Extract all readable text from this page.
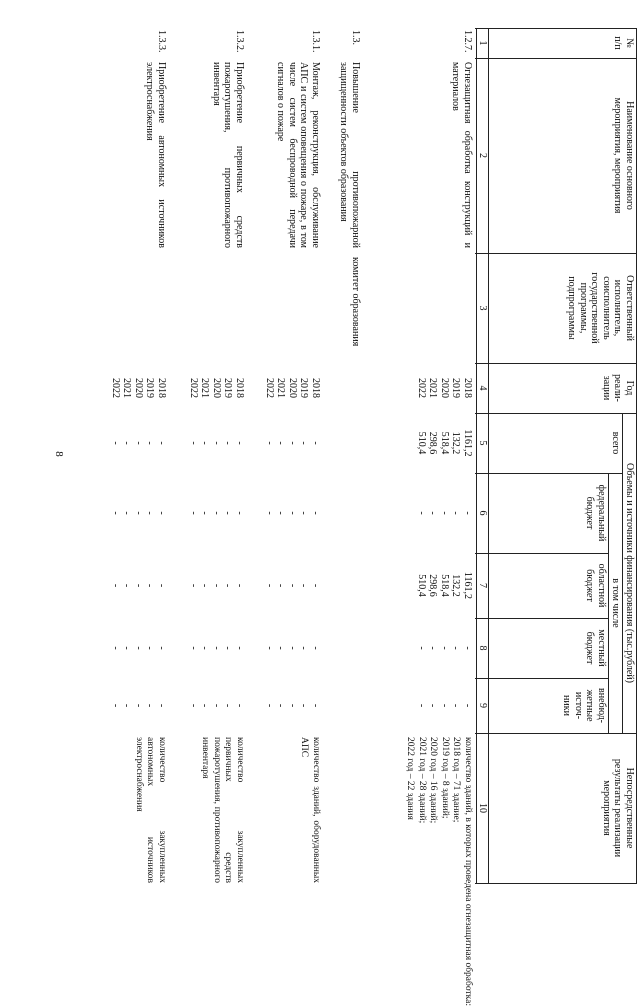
8
№
п/п
Наименование основного
мероприятия, мероприятия
Ответственный
исполнитель,
соисполнитель
государственной
программы,
подпрограммы
Год
реали-
зации
Объемы и источники финансирования (тыс.рублей)
всего
в том числе
федеральный
бюджет
областной
бюджет
местный
бюджет
внебюд-
жетные
источ-
ники
Непосредственные
результаты реализации
мероприятия
1
2
3
4
5
6
7
8
9
10
1.2.7.
Огнезащитная обработка конструкций и материалов
2018
2019
2020
2021
2022
1161,2
132,2
518,4
298,6
510,4
-
-
-
-
-
1161,2
132,2
518,4
298,6
510,4
-
-
-
-
-
-
-
-
-
-
количество зданий, в которых проведена огнезащитная обработка:
2018 год – 71 здание;
2019 год – 8 зданий;
2020 год – 16 зданий;
2021 год – 28 зданий;
2022 год – 22 здания
1.3.
Повышение противопожарной защищенности объектов образования
комитет образования
1.3.1.
Монтаж, реконструкция, обслуживание АПС и систем оповещения о пожаре, в том числе систем беспроводной передачи сигналов о пожаре
2018
2019
2020
2021
2022
-
-
-
-
-
-
-
-
-
-
-
-
-
-
-
-
-
-
-
-
-
-
-
-
-
количество зданий, оборудованных АПС
1.3.2.
Приобретение первичных средств пожаротушения, противопожарного инвентаря
2018
2019
2020
2021
2022
-
-
-
-
-
-
-
-
-
-
-
-
-
-
-
-
-
-
-
-
-
-
-
-
-
количество закупленных первичных средств пожаротушения, противопожарного инвентаря
1.3.3.
Приобретение автономных источников электроснабжения
2018
2019
2020
2021
2022
-
-
-
-
-
-
-
-
-
-
-
-
-
-
-
-
-
-
-
-
-
-
-
-
-
количество закупленных автономных источников электроснабжения
